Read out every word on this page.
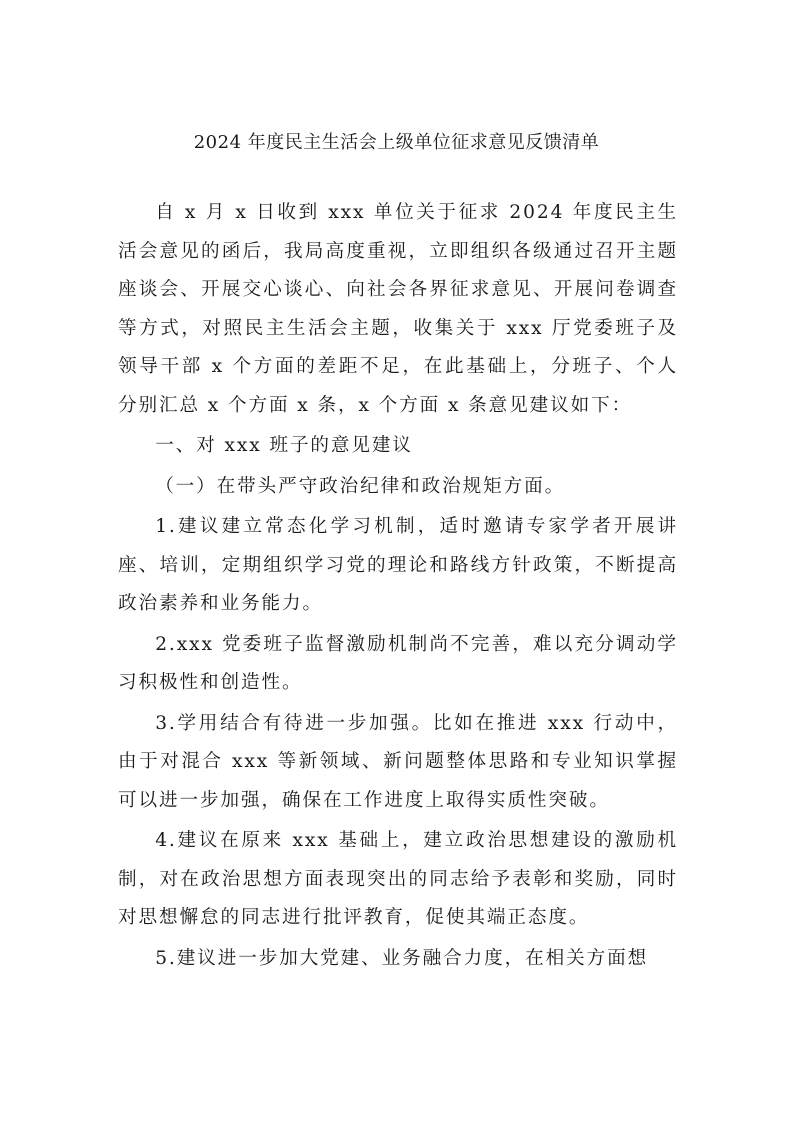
2024 年度民主生活会上级单位征求意见反馈清单

自 x 月 x 日收到 xxx 单位关于征求 2024 年度民主生活会意见的函后，我局高度重视，立即组织各级通过召开主题座谈会、开展交心谈心、向社会各界征求意见、开展问卷调查等方式，对照民主生活会主题，收集关于 xxx 厅党委班子及领导干部 x 个方面的差距不足，在此基础上，分班子、个人分别汇总 x 个方面 x 条，x 个方面 x 条意见建议如下：

一、对 xxx 班子的意见建议

（一）在带头严守政治纪律和政治规矩方面。

1.建议建立常态化学习机制，适时邀请专家学者开展讲座、培训，定期组织学习党的理论和路线方针政策，不断提高政治素养和业务能力。

2.xxx 党委班子监督激励机制尚不完善，难以充分调动学习积极性和创造性。

3.学用结合有待进一步加强。比如在推进 xxx 行动中，由于对混合 xxx 等新领域、新问题整体思路和专业知识掌握可以进一步加强，确保在工作进度上取得实质性突破。

4.建议在原来 xxx 基础上，建立政治思想建设的激励机制，对在政治思想方面表现突出的同志给予表彰和奖励，同时对思想懈怠的同志进行批评教育，促使其端正态度。

5.建议进一步加大党建、业务融合力度，在相关方面想
